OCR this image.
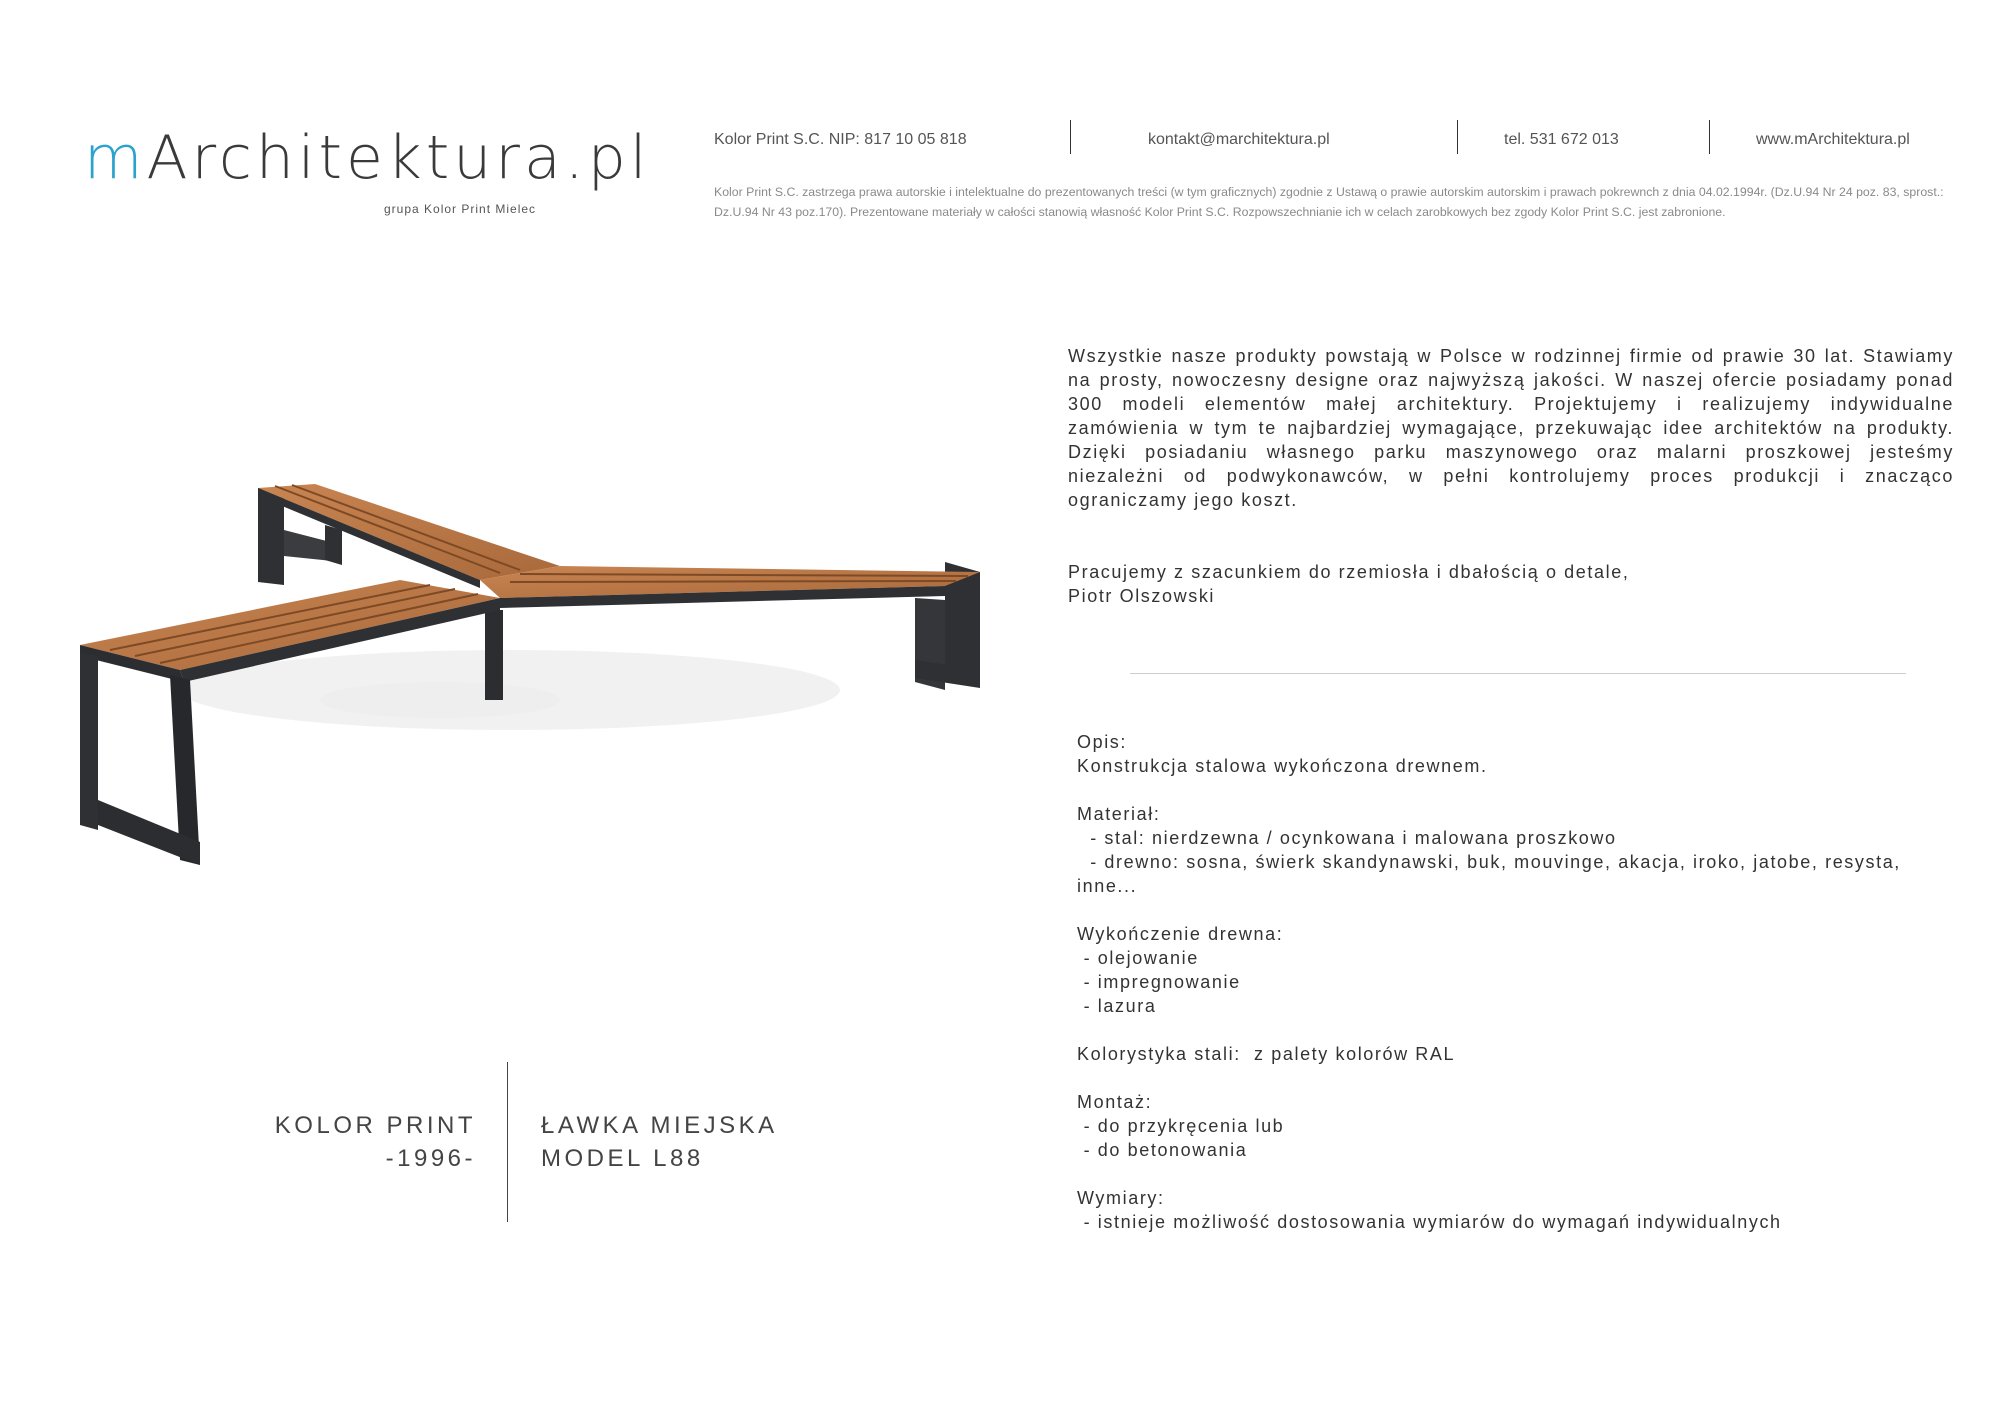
mArchitektura.pl
grupa Kolor Print Mielec
Kolor Print S.C. NIP: 817 10 05 818	kontakt@marchitektura.pl	tel. 531 672 013	www.mArchitektura.pl
Kolor Print S.C. zastrzega prawa autorskie i intelektualne do prezentowanych treści (w tym graficznych) zgodnie z Ustawą o prawie autorskim autorskim i prawach pokrewnch z dnia 04.02.1994r. (Dz.U.94 Nr 24 poz. 83, sprost.: Dz.U.94 Nr 43 poz.170). Prezentowane materiały w całości stanowią własność Kolor Print S.C. Rozpowszechnianie ich w celach zarobkowych bez zgody Kolor Print S.C. jest zabronione.
KOLOR PRINT
-1996-
ŁAWKA MIEJSKA
MODEL L88
Wszystkie nasze produkty powstają w Polsce w rodzinnej firmie od prawie 30 lat. Stawiamy na prosty, nowoczesny designe oraz najwyższą jakości. W naszej ofercie posiadamy ponad 300 modeli elementów małej architektury. Projektujemy i realizujemy indywidualne zamówienia w tym te najbardziej wymagające, przekuwając idee architektów na produkty. Dzięki posiadaniu własnego parku maszynowego oraz malarni proszkowej jesteśmy niezależni od podwykonawców, w pełni kontrolujemy proces produkcji i znacząco ograniczamy jego koszt.
Pracujemy z szacunkiem do rzemiosła i dbałością o detale,
Piotr Olszowski
Opis:
Konstrukcja stalowa wykończona drewnem.
Materiał:
- stal: nierdzewna / ocynkowana i malowana proszkowo
- drewno: sosna, świerk skandynawski, buk, mouvinge, akacja, iroko, jatobe, resysta, inne...
Wykończenie drewna:
- olejowanie
- impregnowanie
- lazura
Kolorystyka stali:  z palety kolorów RAL
Montaż:
- do przykręcenia lub
- do betonowania
Wymiary:
- istnieje możliwość dostosowania wymiarów do wymagań indywidualnych
